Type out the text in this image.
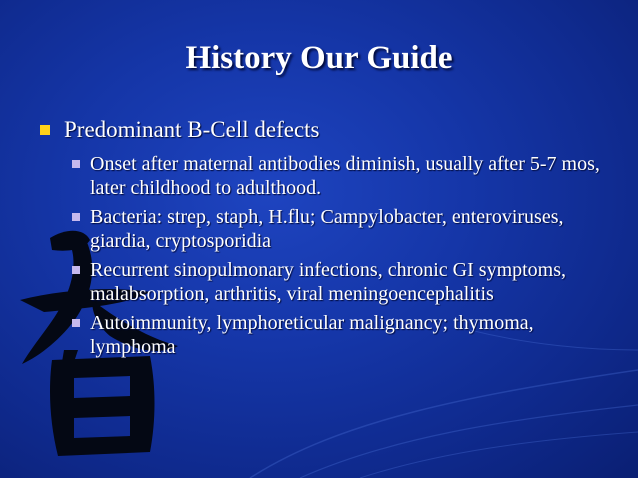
History Our Guide
Predominant B-Cell defects
Onset after maternal antibodies diminish, usually after 5-7 mos, later childhood to adulthood.
Bacteria: strep, staph, H.flu; Campylobacter, enteroviruses, giardia, cryptosporidia
Recurrent sinopulmonary infections, chronic GI symptoms, malabsorption, arthritis, viral meningoencephalitis
Autoimmunity, lymphoreticular malignancy; thymoma, lymphoma
